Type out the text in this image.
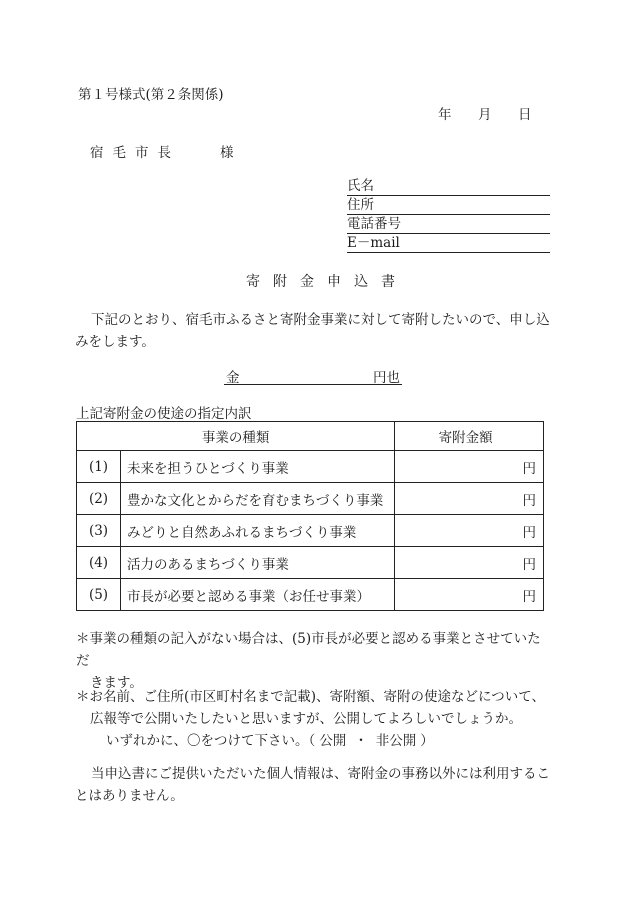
第１号様式(第２条関係)
年 月 日
宿毛市長	様
氏名
住所
電話番号
E－mail
寄附金申込書
下記のとおり、宿毛市ふるさと寄附金事業に対して寄附したいので、申し込みをします。
金	円也
上記寄附金の使途の指定内訳
事業の種類		寄附金額
(1)	未来を担うひとづくり事業	円
(2)	豊かな文化とからだを育むまちづくり事業	円
(3)	みどりと自然あふれるまちづくり事業	円
(4)	活力のあるまちづくり事業	円
(5)	市長が必要と認める事業（お任せ事業）	円
＊事業の種類の記入がない場合は、(5)市長が必要と認める事業とさせていただ
きます。
＊お名前、ご住所(市区町村名まで記載)、寄附額、寄附の使途などについて、
広報等で公開いたしたいと思いますが、公開してよろしいでしょうか。
いずれかに、〇をつけて下さい。（ 公開 ・ 非公開 ）
当申込書にご提供いただいた個人情報は、寄附金の事務以外には利用することはありません。
